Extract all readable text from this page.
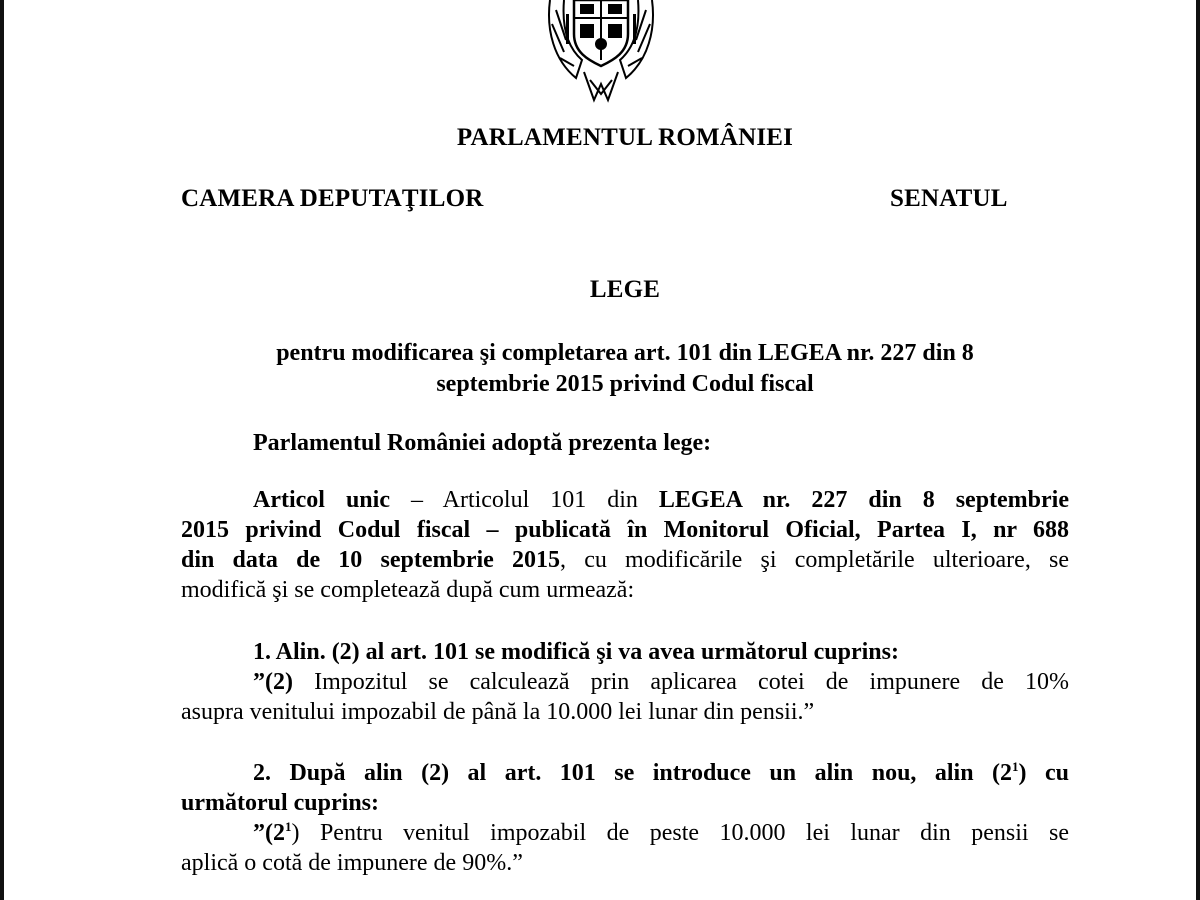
PARLAMENTUL ROMÂNIEI
CAMERA DEPUTAŢILOR	SENATUL
LEGE
pentru modificarea şi completarea art. 101 din LEGEA nr. 227 din 8
septembrie 2015 privind Codul fiscal
Parlamentul României adoptă prezenta lege:
Articol unic – Articolul 101 din LEGEA nr. 227 din 8 septembrie
2015 privind Codul fiscal – publicată în Monitorul Oficial, Partea I, nr 688
din data de 10 septembrie 2015, cu modificările şi completările ulterioare, se
modifică şi se completează după cum urmează:
1. Alin. (2) al art. 101 se modifică şi va avea următorul cuprins:
”(2) Impozitul se calculează prin aplicarea cotei de impunere de 10%
asupra venitului impozabil de până la 10.000 lei lunar din pensii.”
2. După alin (2) al art. 101 se introduce un alin nou, alin $(2^1)$ cu
următorul cuprins:
$”(2^1)$ Pentru venitul impozabil de peste 10.000 lei lunar din pensii se
aplică o cotă de impunere de 90%.”
